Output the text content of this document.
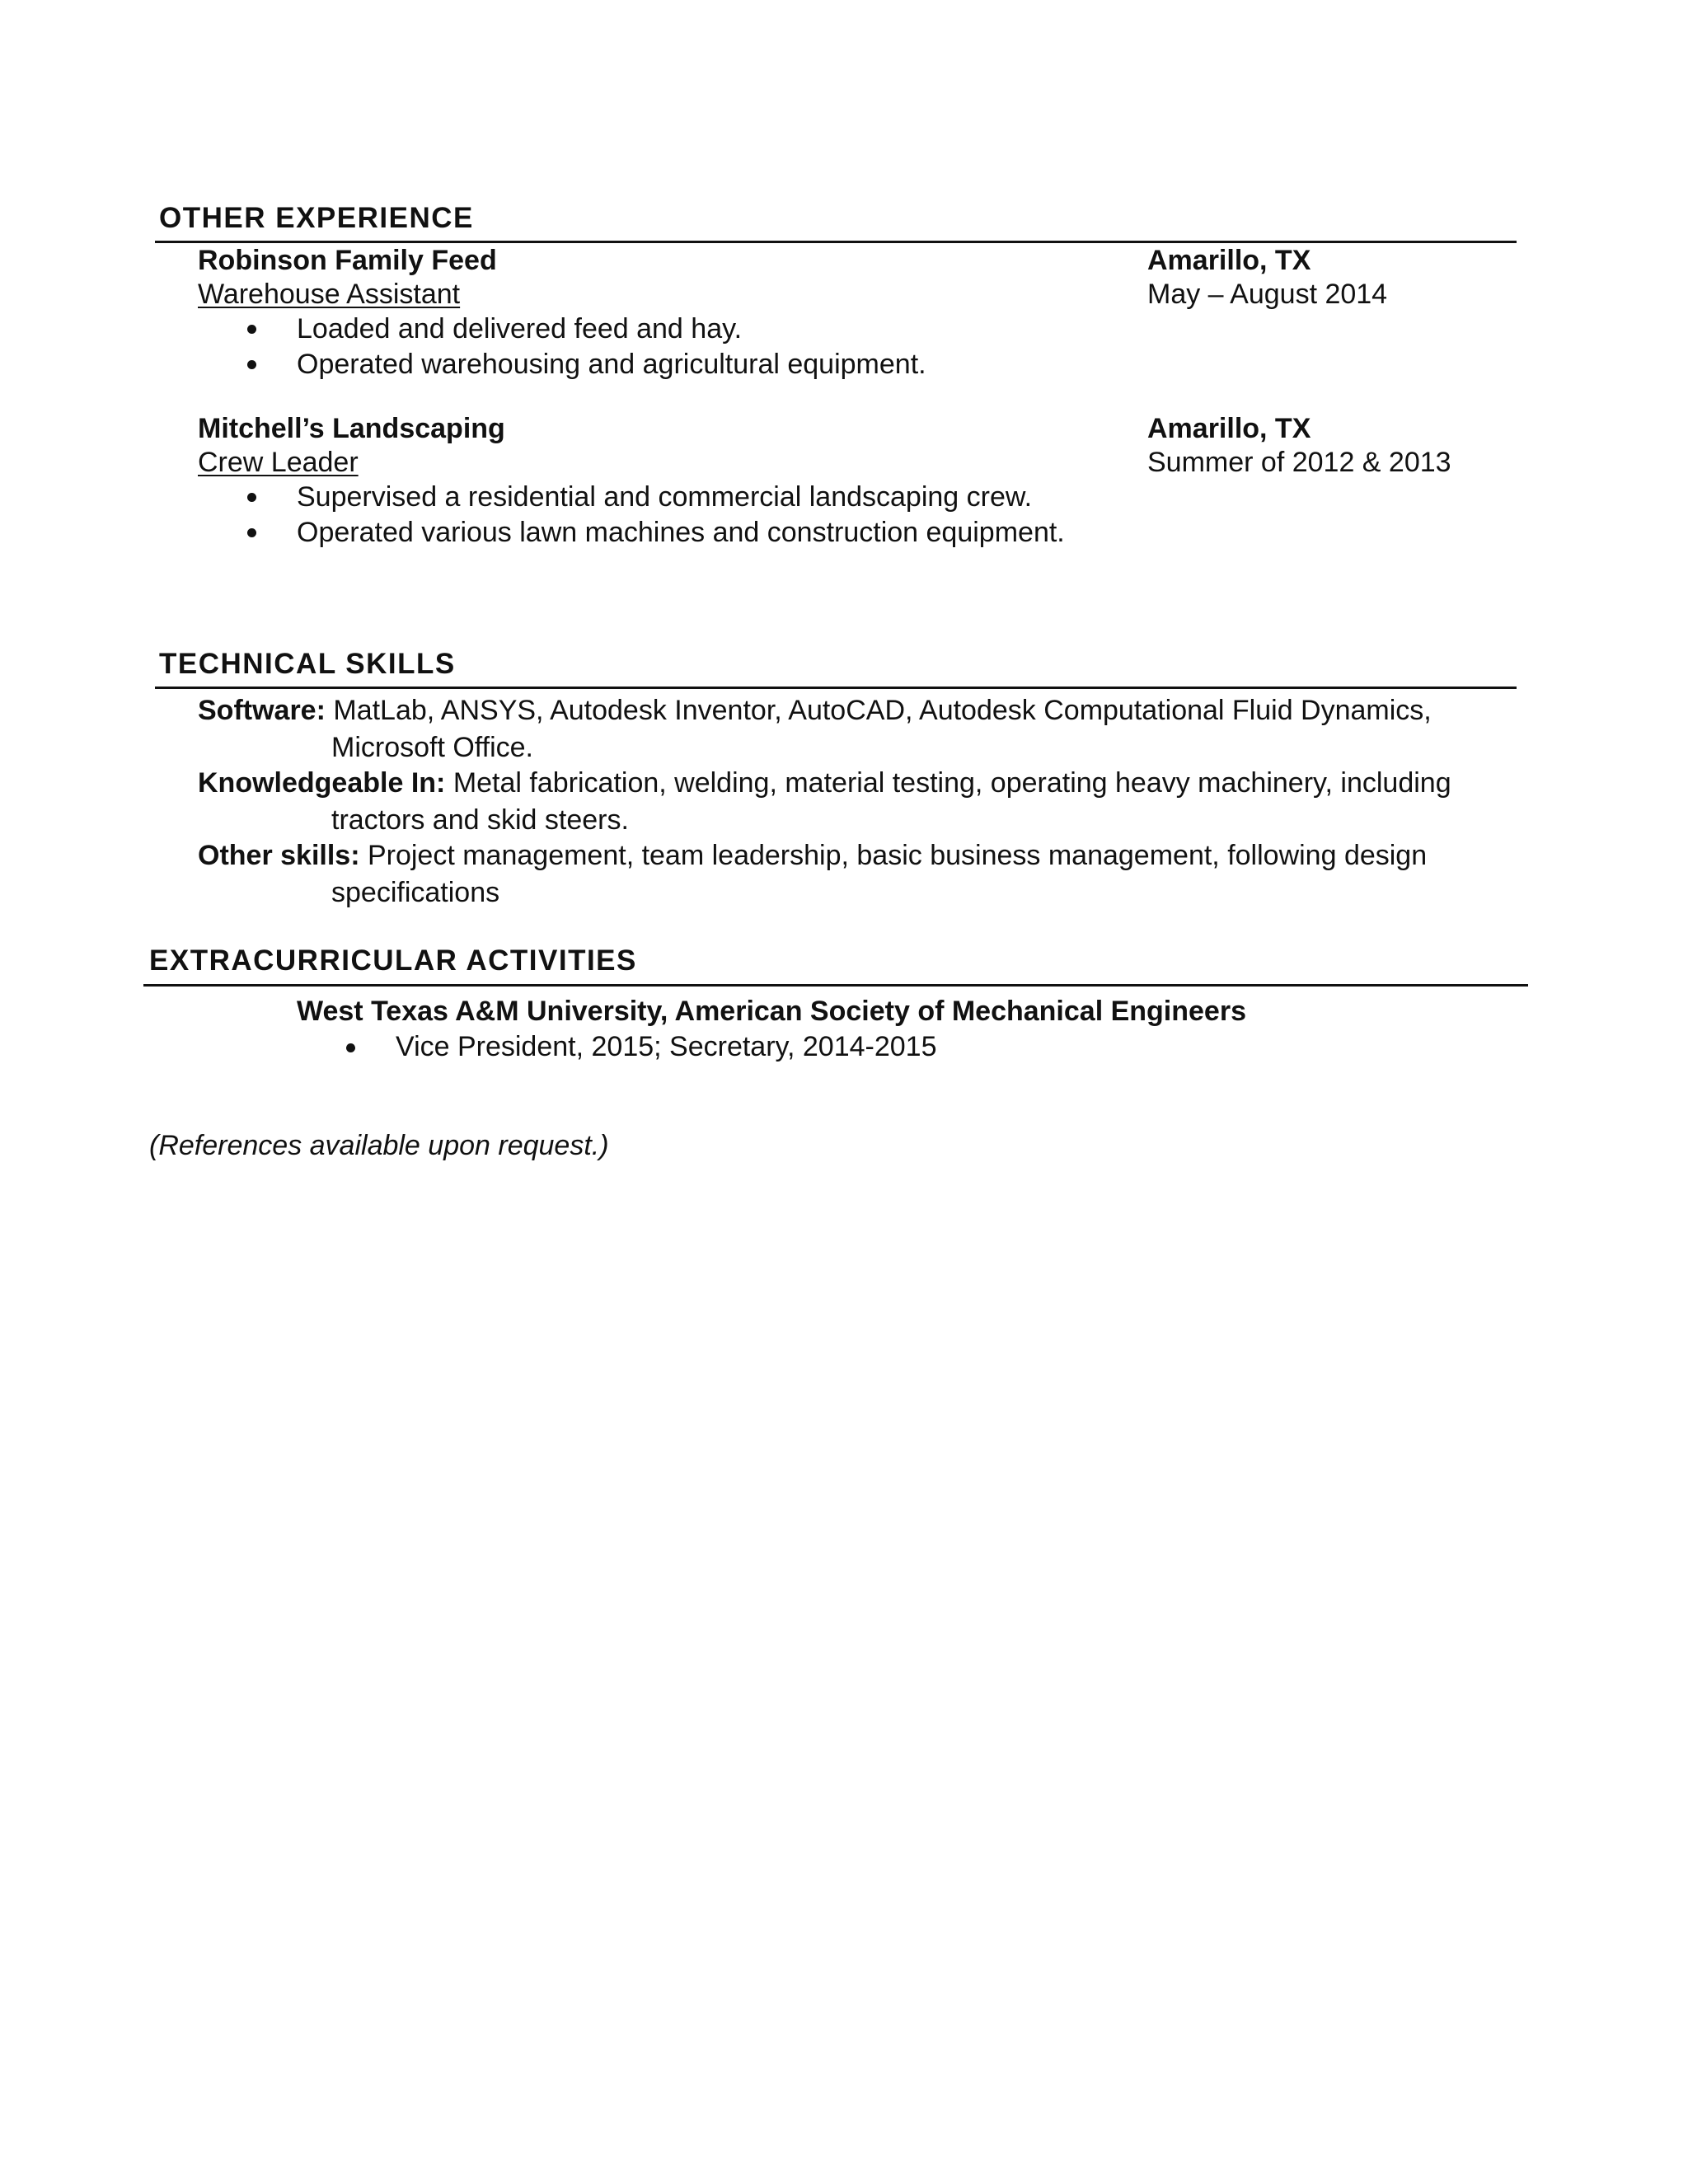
OTHER EXPERIENCE
Robinson Family Feed	Amarillo, TX
Warehouse Assistant	May – August 2014
Loaded and delivered feed and hay.
Operated warehousing and agricultural equipment.
Mitchell’s Landscaping	Amarillo, TX
Crew Leader	Summer of 2012 & 2013
Supervised a residential and commercial landscaping crew.
Operated various lawn machines and construction equipment.
TECHNICAL SKILLS
Software: MatLab, ANSYS, Autodesk Inventor, AutoCAD, Autodesk Computational Fluid Dynamics,
Microsoft Office.
Knowledgeable In: Metal fabrication, welding, material testing, operating heavy machinery, including
tractors and skid steers.
Other skills: Project management, team leadership, basic business management, following design
specifications
EXTRACURRICULAR ACTIVITIES
West Texas A&M University, American Society of Mechanical Engineers
Vice President, 2015; Secretary, 2014-2015
(References available upon request.)
